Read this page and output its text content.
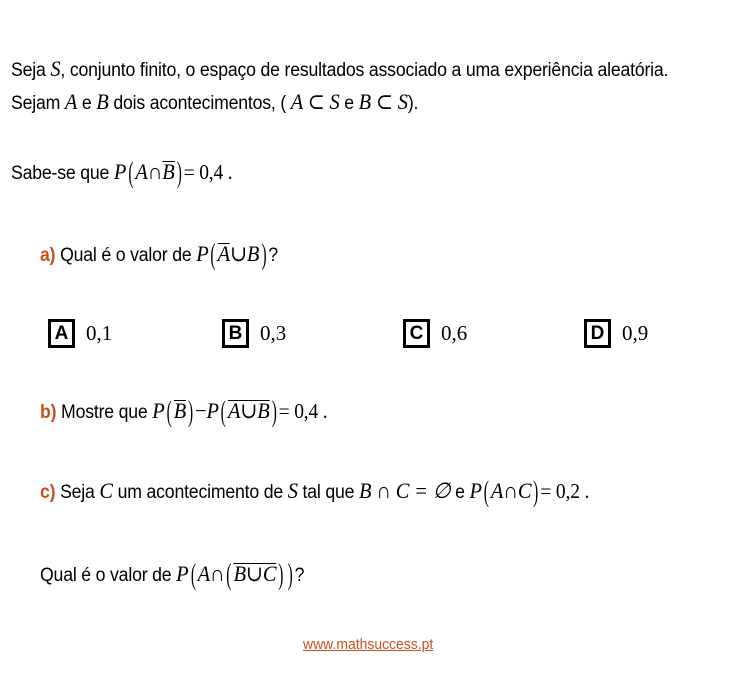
Seja S, conjunto finito, o espaço de resultados associado a uma experiência aleatória.
Sejam A e B dois acontecimentos, ( A ⊂ S e B ⊂ S).
Sabe-se que P(A∩B)= 0,4 .
a) Qual é o valor de P(A∪B) ?
A 0,1	B 0,3	C 0,6	D 0,9
b) Mostre que P(B)−P(A∪B)= 0,4 .
c) Seja C um acontecimento de S tal que B ∩ C = ∅ e P(A∩C)= 0,2 .
Qual é o valor de P(A∩(B∪C) ) ?
www.mathsuccess.pt
